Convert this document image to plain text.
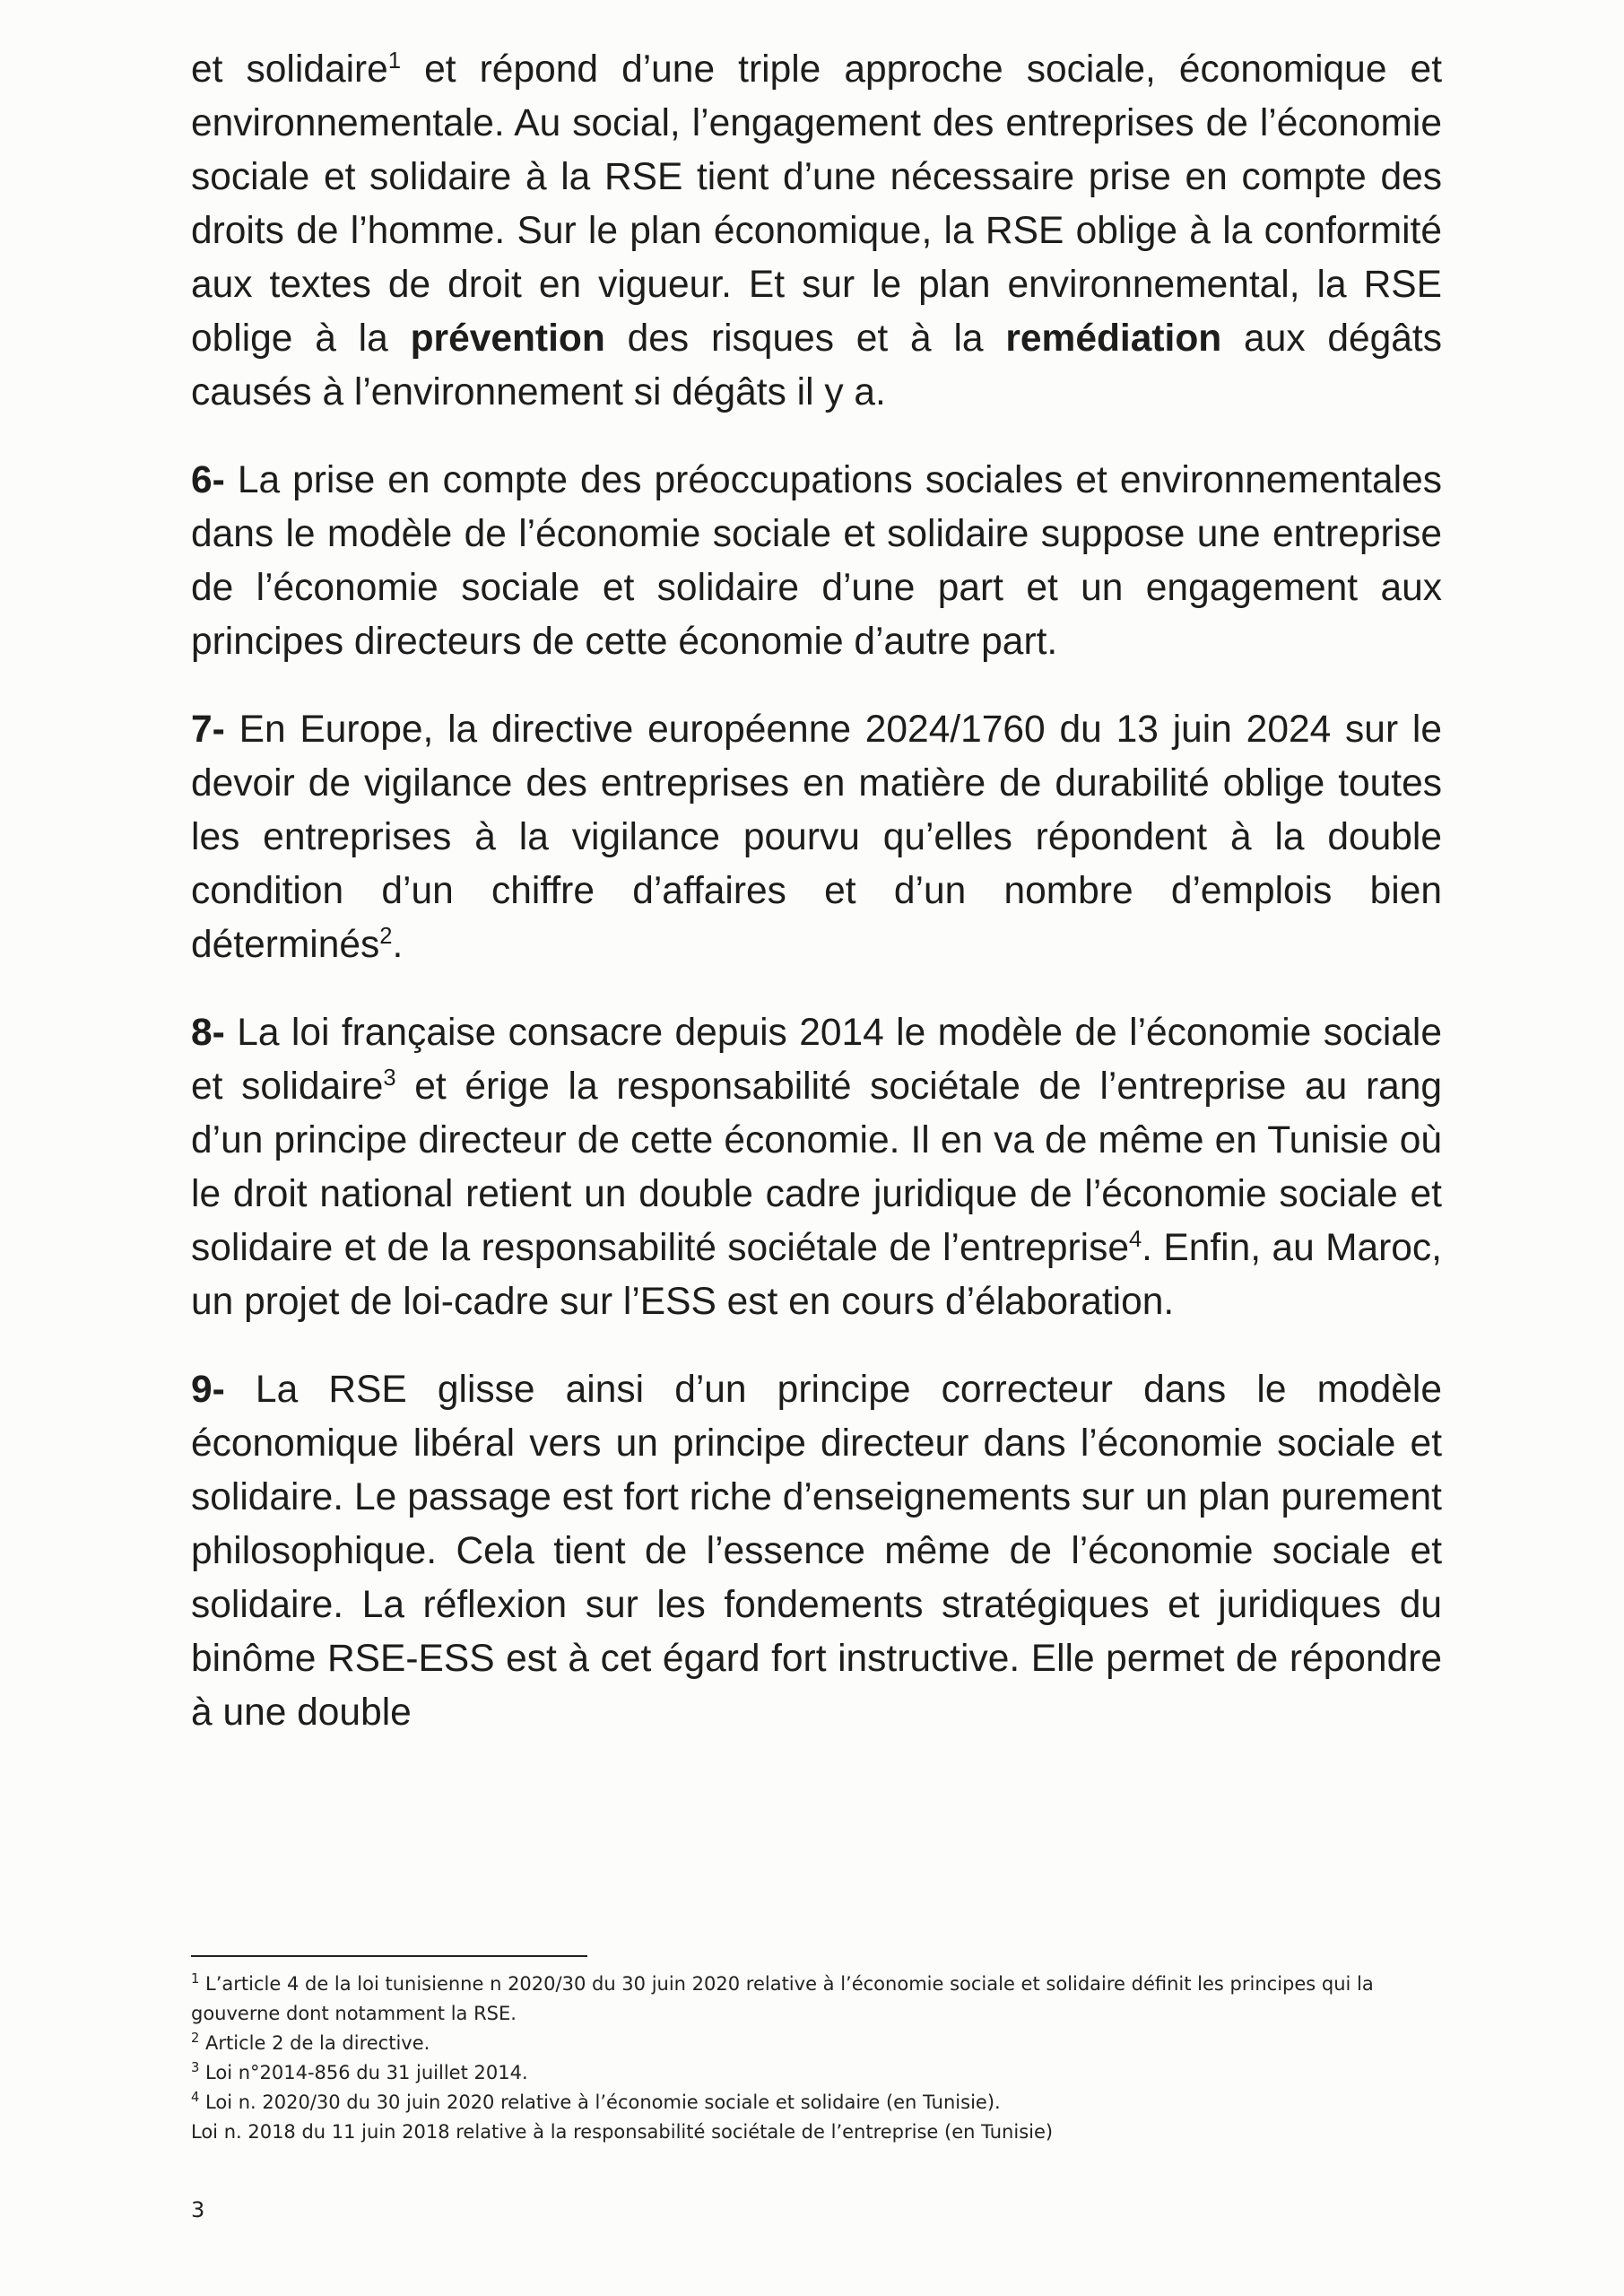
et solidaire$^1$ et répond d’une triple approche sociale, économique et environnementale. Au social, l’engagement des entreprises de l’économie sociale et solidaire à la RSE tient d’une nécessaire prise en compte des droits de l’homme. Sur le plan économique, la RSE oblige à la conformité aux textes de droit en vigueur. Et sur le plan environnemental, la RSE oblige à la prévention des risques et à la remédiation aux dégâts causés à l’environnement si dégâts il y a.

6- La prise en compte des préoccupations sociales et environnementales dans le modèle de l’économie sociale et solidaire suppose une entreprise de l’économie sociale et solidaire d’une part et un engagement aux principes directeurs de cette économie d’autre part.

7- En Europe, la directive européenne 2024/1760 du 13 juin 2024 sur le devoir de vigilance des entreprises en matière de durabilité oblige toutes les entreprises à la vigilance pourvu qu’elles répondent à la double condition d’un chiffre d’affaires et d’un nombre d’emplois bien déterminés$^2$.

8- La loi française consacre depuis 2014 le modèle de l’économie sociale et solidaire$^3$ et érige la responsabilité sociétale de l’entreprise au rang d’un principe directeur de cette économie. Il en va de même en Tunisie où le droit national retient un double cadre juridique de l’économie sociale et solidaire et de la responsabilité sociétale de l’entreprise$^4$. Enfin, au Maroc, un projet de loi-cadre sur l’ESS est en cours d’élaboration.

9- La RSE glisse ainsi d’un principe correcteur dans le modèle économique libéral vers un principe directeur dans l’économie sociale et solidaire. Le passage est fort riche d’enseignements sur un plan purement philosophique. Cela tient de l’essence même de l’économie sociale et solidaire. La réflexion sur les fondements stratégiques et juridiques du binôme RSE-ESS est à cet égard fort instructive. Elle permet de répondre à une double

$^1$ L’article 4 de la loi tunisienne n 2020/30 du 30 juin 2020 relative à l’économie sociale et solidaire définit les principes qui la gouverne dont notamment la RSE.

$^2$ Article 2 de la directive.

$^3$ Loi n°2014-856 du 31 juillet 2014.

$^4$ Loi n. 2020/30 du 30 juin 2020 relative à l’économie sociale et solidaire (en Tunisie).

Loi n. 2018 du 11 juin 2018 relative à la responsabilité sociétale de l’entreprise (en Tunisie)

3
